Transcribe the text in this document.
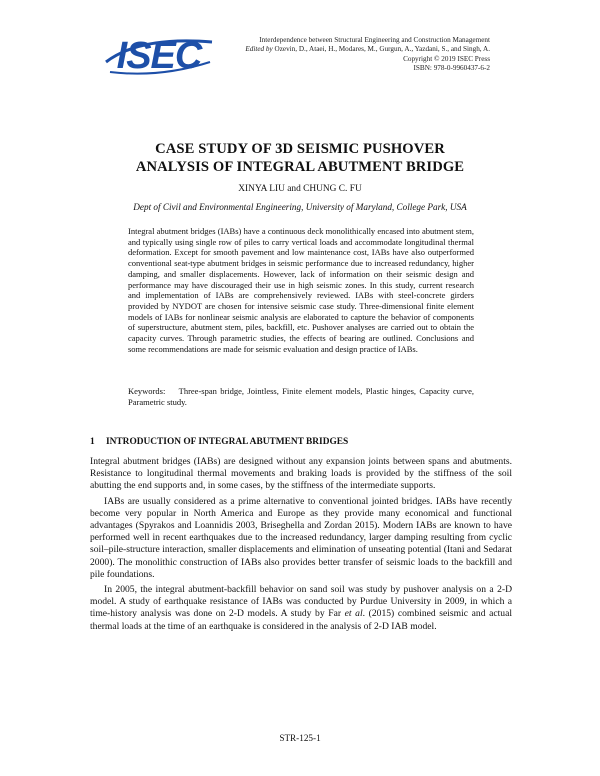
ISEC	Interdependence between Structural Engineering and Construction Management
Edited by Ozevin, D., Ataei, H., Modares, M., Gurgun, A., Yazdani, S., and Singh, A.
Copyright © 2019 ISEC Press
ISBN: 978-0-9960437-6-2
CASE STUDY OF 3D SEISMIC PUSHOVER
ANALYSIS OF INTEGRAL ABUTMENT BRIDGE
XINYA LIU and CHUNG C. FU
Dept of Civil and Environmental Engineering, University of Maryland, College Park, USA
Integral abutment bridges (IABs) have a continuous deck monolithically encased into abutment stem, and typically using single row of piles to carry vertical loads and accommodate longitudinal thermal deformation. Except for smooth pavement and low maintenance cost, IABs have also outperformed conventional seat-type abutment bridges in seismic performance due to increased redundancy, higher damping, and smaller displacements. However, lack of information on their seismic design and performance may have discouraged their use in high seismic zones. In this study, current research and implementation of IABs are comprehensively reviewed. IABs with steel-concrete girders provided by NYDOT are chosen for intensive seismic case study. Three-dimensional finite element models of IABs for nonlinear seismic analysis are elaborated to capture the behavior of components of superstructure, abutment stem, piles, backfill, etc. Pushover analyses are carried out to obtain the capacity curves. Through parametric studies, the effects of bearing are outlined. Conclusions and some recommendations are made for seismic evaluation and design practice of IABs.
Keywords: Three-span bridge, Jointless, Finite element models, Plastic hinges, Capacity curve, Parametric study.
1 INTRODUCTION OF INTEGRAL ABUTMENT BRIDGES

Integral abutment bridges (IABs) are designed without any expansion joints between spans and abutments. Resistance to longitudinal thermal movements and braking loads is provided by the stiffness of the soil abutting the end supports and, in some cases, by the stiffness of the intermediate supports.

IABs are usually considered as a prime alternative to conventional jointed bridges. IABs have recently become very popular in North America and Europe as they provide many economical and functional advantages (Spyrakos and Loannidis 2003, Briseghella and Zordan 2015). Modern IABs are known to have performed well in recent earthquakes due to the increased redundancy, larger damping resulting from cyclic soil–pile-structure interaction, smaller displacements and elimination of unseating potential (Itani and Sedarat 2000). The monolithic construction of IABs also provides better transfer of seismic loads to the backfill and pile foundations.

In 2005, the integral abutment-backfill behavior on sand soil was study by pushover analysis on a 2-D model. A study of earthquake resistance of IABs was conducted by Purdue University in 2009, in which a time-history analysis was done on 2-D models. A study by Far et al. (2015) combined seismic and actual thermal loads at the time of an earthquake is considered in the analysis of 2-D IAB model.

STR-125-1
